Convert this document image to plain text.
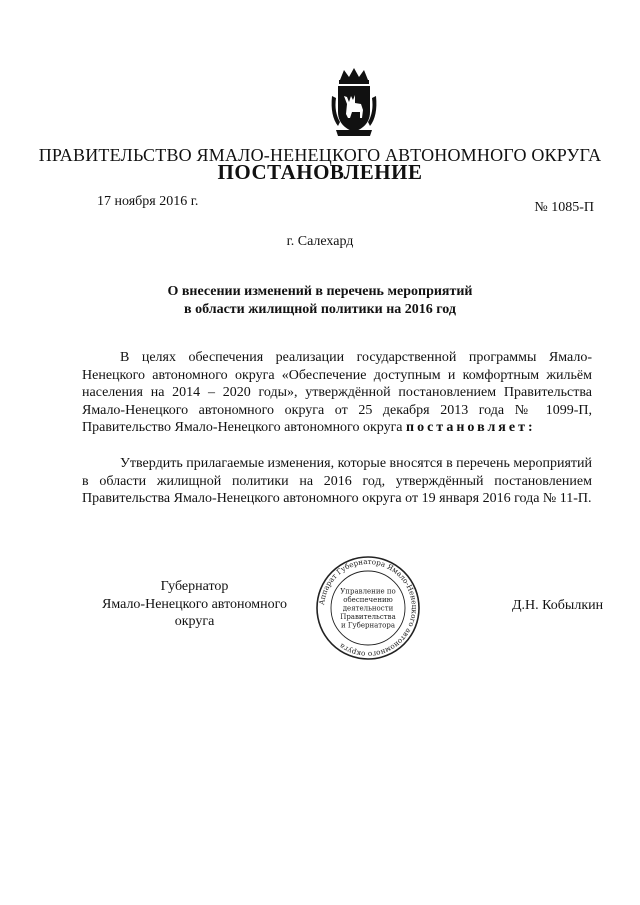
ПРАВИТЕЛЬСТВО ЯМАЛО-НЕНЕЦКОГО АВТОНОМНОГО ОКРУГА
ПОСТАНОВЛЕНИЕ
17 ноября 2016 г.	№ 1085-П
г. Салехард
О внесении изменений в перечень мероприятий
в области жилищной политики на 2016 год
В целях обеспечения реализации государственной программы Ямало-Ненецкого автономного округа «Обеспечение доступным и комфортным жильём населения на 2014 – 2020 годы», утверждённой постановлением Правительства Ямало-Ненецкого автономного округа от 25 декабря 2013 года № 1099-П, Правительство Ямало-Ненецкого автономного округа постановляет:
Утвердить прилагаемые изменения, которые вносятся в перечень мероприятий в области жилищной политики на 2016 год, утверждённый постановлением Правительства Ямало-Ненецкого автономного округа от 19 января 2016 года № 11-П.
Губернатор
Ямало-Ненецкого автономного округа
Аппарат Губернатора Ямало-Ненецкого автономного округа
Управление по обеспечению деятельности Правительства и Губернатора
Д.Н. Кобылкин
